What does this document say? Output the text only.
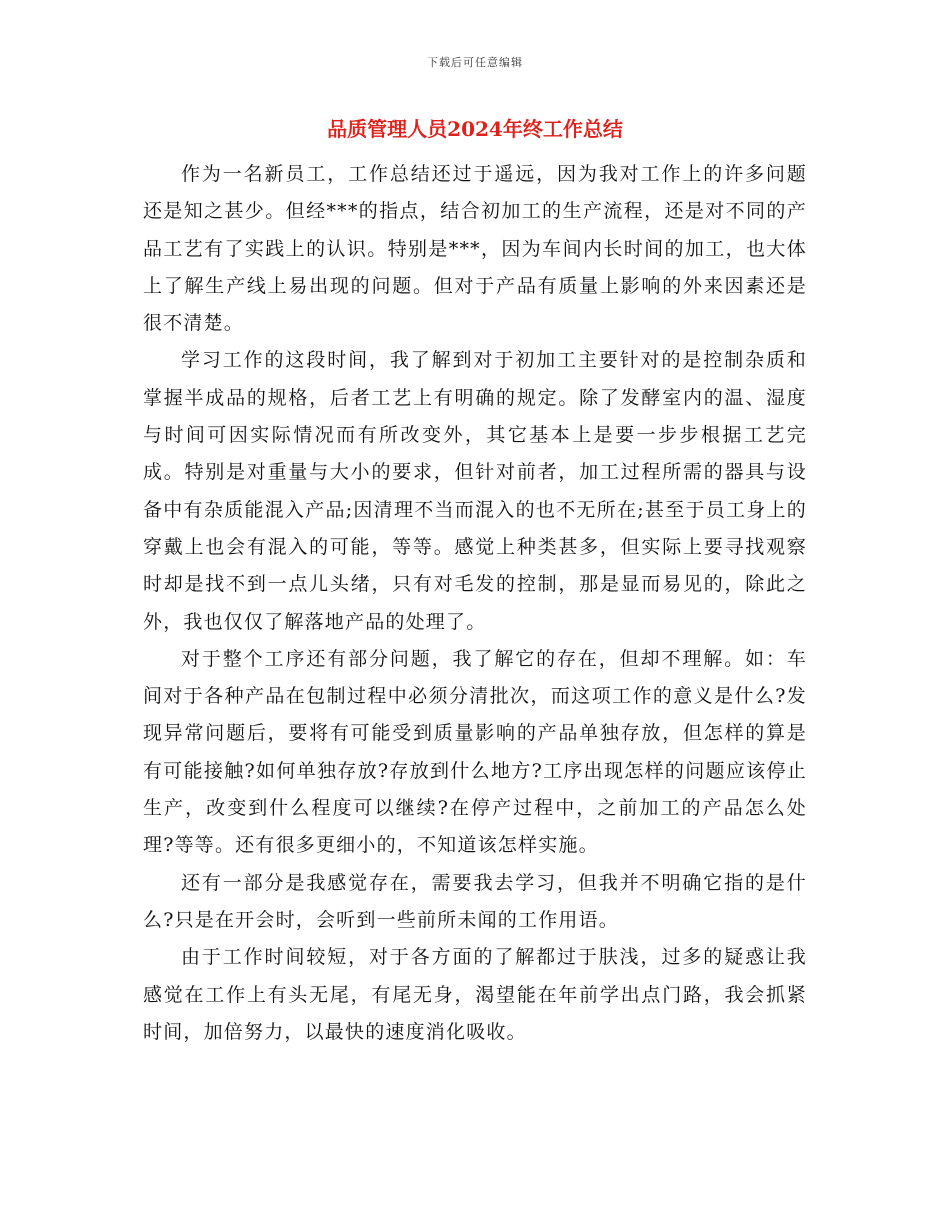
下载后可任意编辑
品质管理人员2024年终工作总结

作为一名新员工，工作总结还过于遥远，因为我对工作上的许多问题还是知之甚少。但经***的指点，结合初加工的生产流程，还是对不同的产品工艺有了实践上的认识。特别是***，因为车间内长时间的加工，也大体上了解生产线上易出现的问题。但对于产品有质量上影响的外来因素还是很不清楚。

学习工作的这段时间，我了解到对于初加工主要针对的是控制杂质和掌握半成品的规格，后者工艺上有明确的规定。除了发酵室内的温、湿度与时间可因实际情况而有所改变外，其它基本上是要一步步根据工艺完成。特别是对重量与大小的要求，但针对前者，加工过程所需的器具与设备中有杂质能混入产品;因清理不当而混入的也不无所在;甚至于员工身上的穿戴上也会有混入的可能，等等。感觉上种类甚多，但实际上要寻找观察时却是找不到一点儿头绪，只有对毛发的控制，那是显而易见的，除此之外，我也仅仅了解落地产品的处理了。

对于整个工序还有部分问题，我了解它的存在，但却不理解。如：车间对于各种产品在包制过程中必须分清批次，而这项工作的意义是什么?发现异常问题后，要将有可能受到质量影响的产品单独存放，但怎样的算是有可能接触?如何单独存放?存放到什么地方?工序出现怎样的问题应该停止生产，改变到什么程度可以继续?在停产过程中，之前加工的产品怎么处理?等等。还有很多更细小的，不知道该怎样实施。

还有一部分是我感觉存在，需要我去学习，但我并不明确它指的是什么?只是在开会时，会听到一些前所未闻的工作用语。

由于工作时间较短，对于各方面的了解都过于肤浅，过多的疑惑让我感觉在工作上有头无尾，有尾无身，渴望能在年前学出点门路，我会抓紧时间，加倍努力，以最快的速度消化吸收。
